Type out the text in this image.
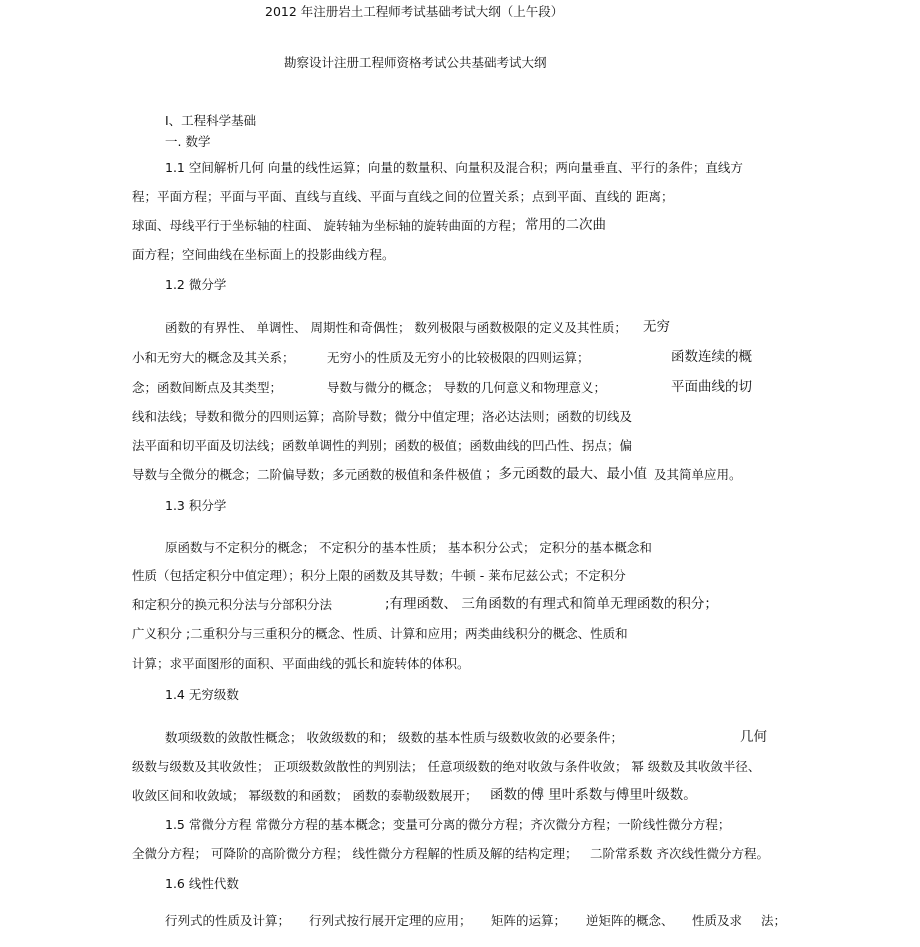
2012 年注册岩土工程师考试基础考试大纲（上午段）
勘察设计注册工程师资格考试公共基础考试大纲
Ⅰ、工程科学基础
一. 数学
1.1 空间解析几何 向量的线性运算；向量的数量积、向量积及混合积；两向量垂直、平行的条件；直线方
程；平面方程；平面与平面、直线与直线、平面与直线之间的位置关系；点到平面、直线的 距离；
球面、母线平行于坐标轴的柱面、 旋转轴为坐标轴的旋转曲面的方程； 常用的二次曲
面方程；空间曲线在坐标面上的投影曲线方程。
1.2 微分学
函数的有界性、 单调性、 周期性和奇偶性； 数列极限与函数极限的定义及其性质； 无穷
小和无穷大的概念及其关系；	无穷小的性质及无穷小的比较极限的四则运算；	函数连续的概
念；函数间断点及其类型；	导数与微分的概念； 导数的几何意义和物理意义；	平面曲线的切
线和法线；导数和微分的四则运算；高阶导数；微分中值定理；洛必达法则；函数的切线及
法平面和切平面及切法线；函数单调性的判别；函数的极值；函数曲线的凹凸性、拐点；偏
导数与全微分的概念；二阶偏导数；多元函数的极值和条件极值 ；多元函数的最大、最小值 及其简单应用。
1.3 积分学
原函数与不定积分的概念； 不定积分的基本性质； 基本积分公式； 定积分的基本概念和
性质（包括定积分中值定理）；积分上限的函数及其导数；牛顿 - 莱布尼兹公式；不定积分
和定积分的换元积分法与分部积分法	;有理函数、 三角函数的有理式和简单无理函数的积分；
广义积分 ;二重积分与三重积分的概念、性质、计算和应用；两类曲线积分的概念、性质和
计算；求平面图形的面积、平面曲线的弧长和旋转体的体积。
1.4 无穷级数
数项级数的敛散性概念； 收敛级数的和； 级数的基本性质与级数收敛的必要条件；	几何
级数与级数及其收敛性； 正项级数敛散性的判别法； 任意项级数的绝对收敛与条件收敛； 幂 级数及其收敛半径、
收敛区间和收敛域； 幂级数的和函数； 函数的泰勒级数展开； 函数的傅 里叶系数与傅里叶级数。
1.5 常微分方程 常微分方程的基本概念；变量可分离的微分方程；齐次微分方程；一阶线性微分方程；
全微分方程； 可降阶的高阶微分方程； 线性微分方程解的性质及解的结构定理； 二阶常系数 齐次线性微分方程。
1.6 线性代数
行列式的性质及计算； 行列式按行展开定理的应用； 矩阵的运算； 逆矩阵的概念、 性质及求 法；
